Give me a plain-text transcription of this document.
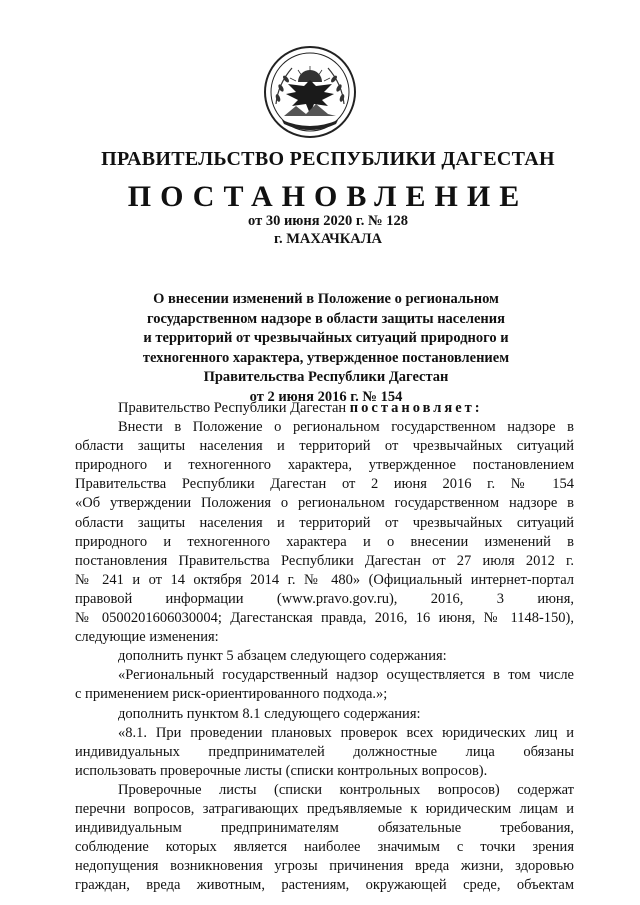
ПРАВИТЕЛЬСТВО РЕСПУБЛИКИ ДАГЕСТАН
ПОСТАНОВЛЕНИЕ
от 30 июня 2020 г. № 128
г. МАХАЧКАЛА
О внесении изменений в Положение о региональном
государственном надзоре в области защиты населения
и территорий от чрезвычайных ситуаций природного и
техногенного характера, утвержденное постановлением
Правительства Республики Дагестан
от 2 июня 2016 г. № 154
Правительство Республики Дагестан постановляет:
Внести в Положение о региональном государственном надзоре в
области защиты населения и территорий от чрезвычайных ситуаций
природного и техногенного характера, утвержденное постановлением
Правительства Республики Дагестан от 2 июня 2016 г. № 154
«Об утверждении Положения о региональном государственном надзоре в
области защиты населения и территорий от чрезвычайных ситуаций
природного и техногенного характера и о внесении изменений в
постановления Правительства Республики Дагестан от 27 июля 2012 г.
№ 241 и от 14 октября 2014 г. № 480» (Официальный интернет-портал
правовой информации (www.pravo.gov.ru), 2016, 3 июня,
№ 0500201606030004; Дагестанская правда, 2016, 16 июня, № 1148-150),
следующие изменения:
дополнить пункт 5 абзацем следующего содержания:
«Региональный государственный надзор осуществляется в том числе
с применением риск-ориентированного подхода.»;
дополнить пунктом 8.1 следующего содержания:
«8.1. При проведении плановых проверок всех юридических лиц и
индивидуальных предпринимателей должностные лица обязаны
использовать проверочные листы (списки контрольных вопросов).
Проверочные листы (списки контрольных вопросов) содержат
перечни вопросов, затрагивающих предъявляемые к юридическим лицам и
индивидуальным предпринимателям обязательные требования,
соблюдение которых является наиболее значимым с точки зрения
недопущения возникновения угрозы причинения вреда жизни, здоровью
граждан, вреда животным, растениям, окружающей среде, объектам
